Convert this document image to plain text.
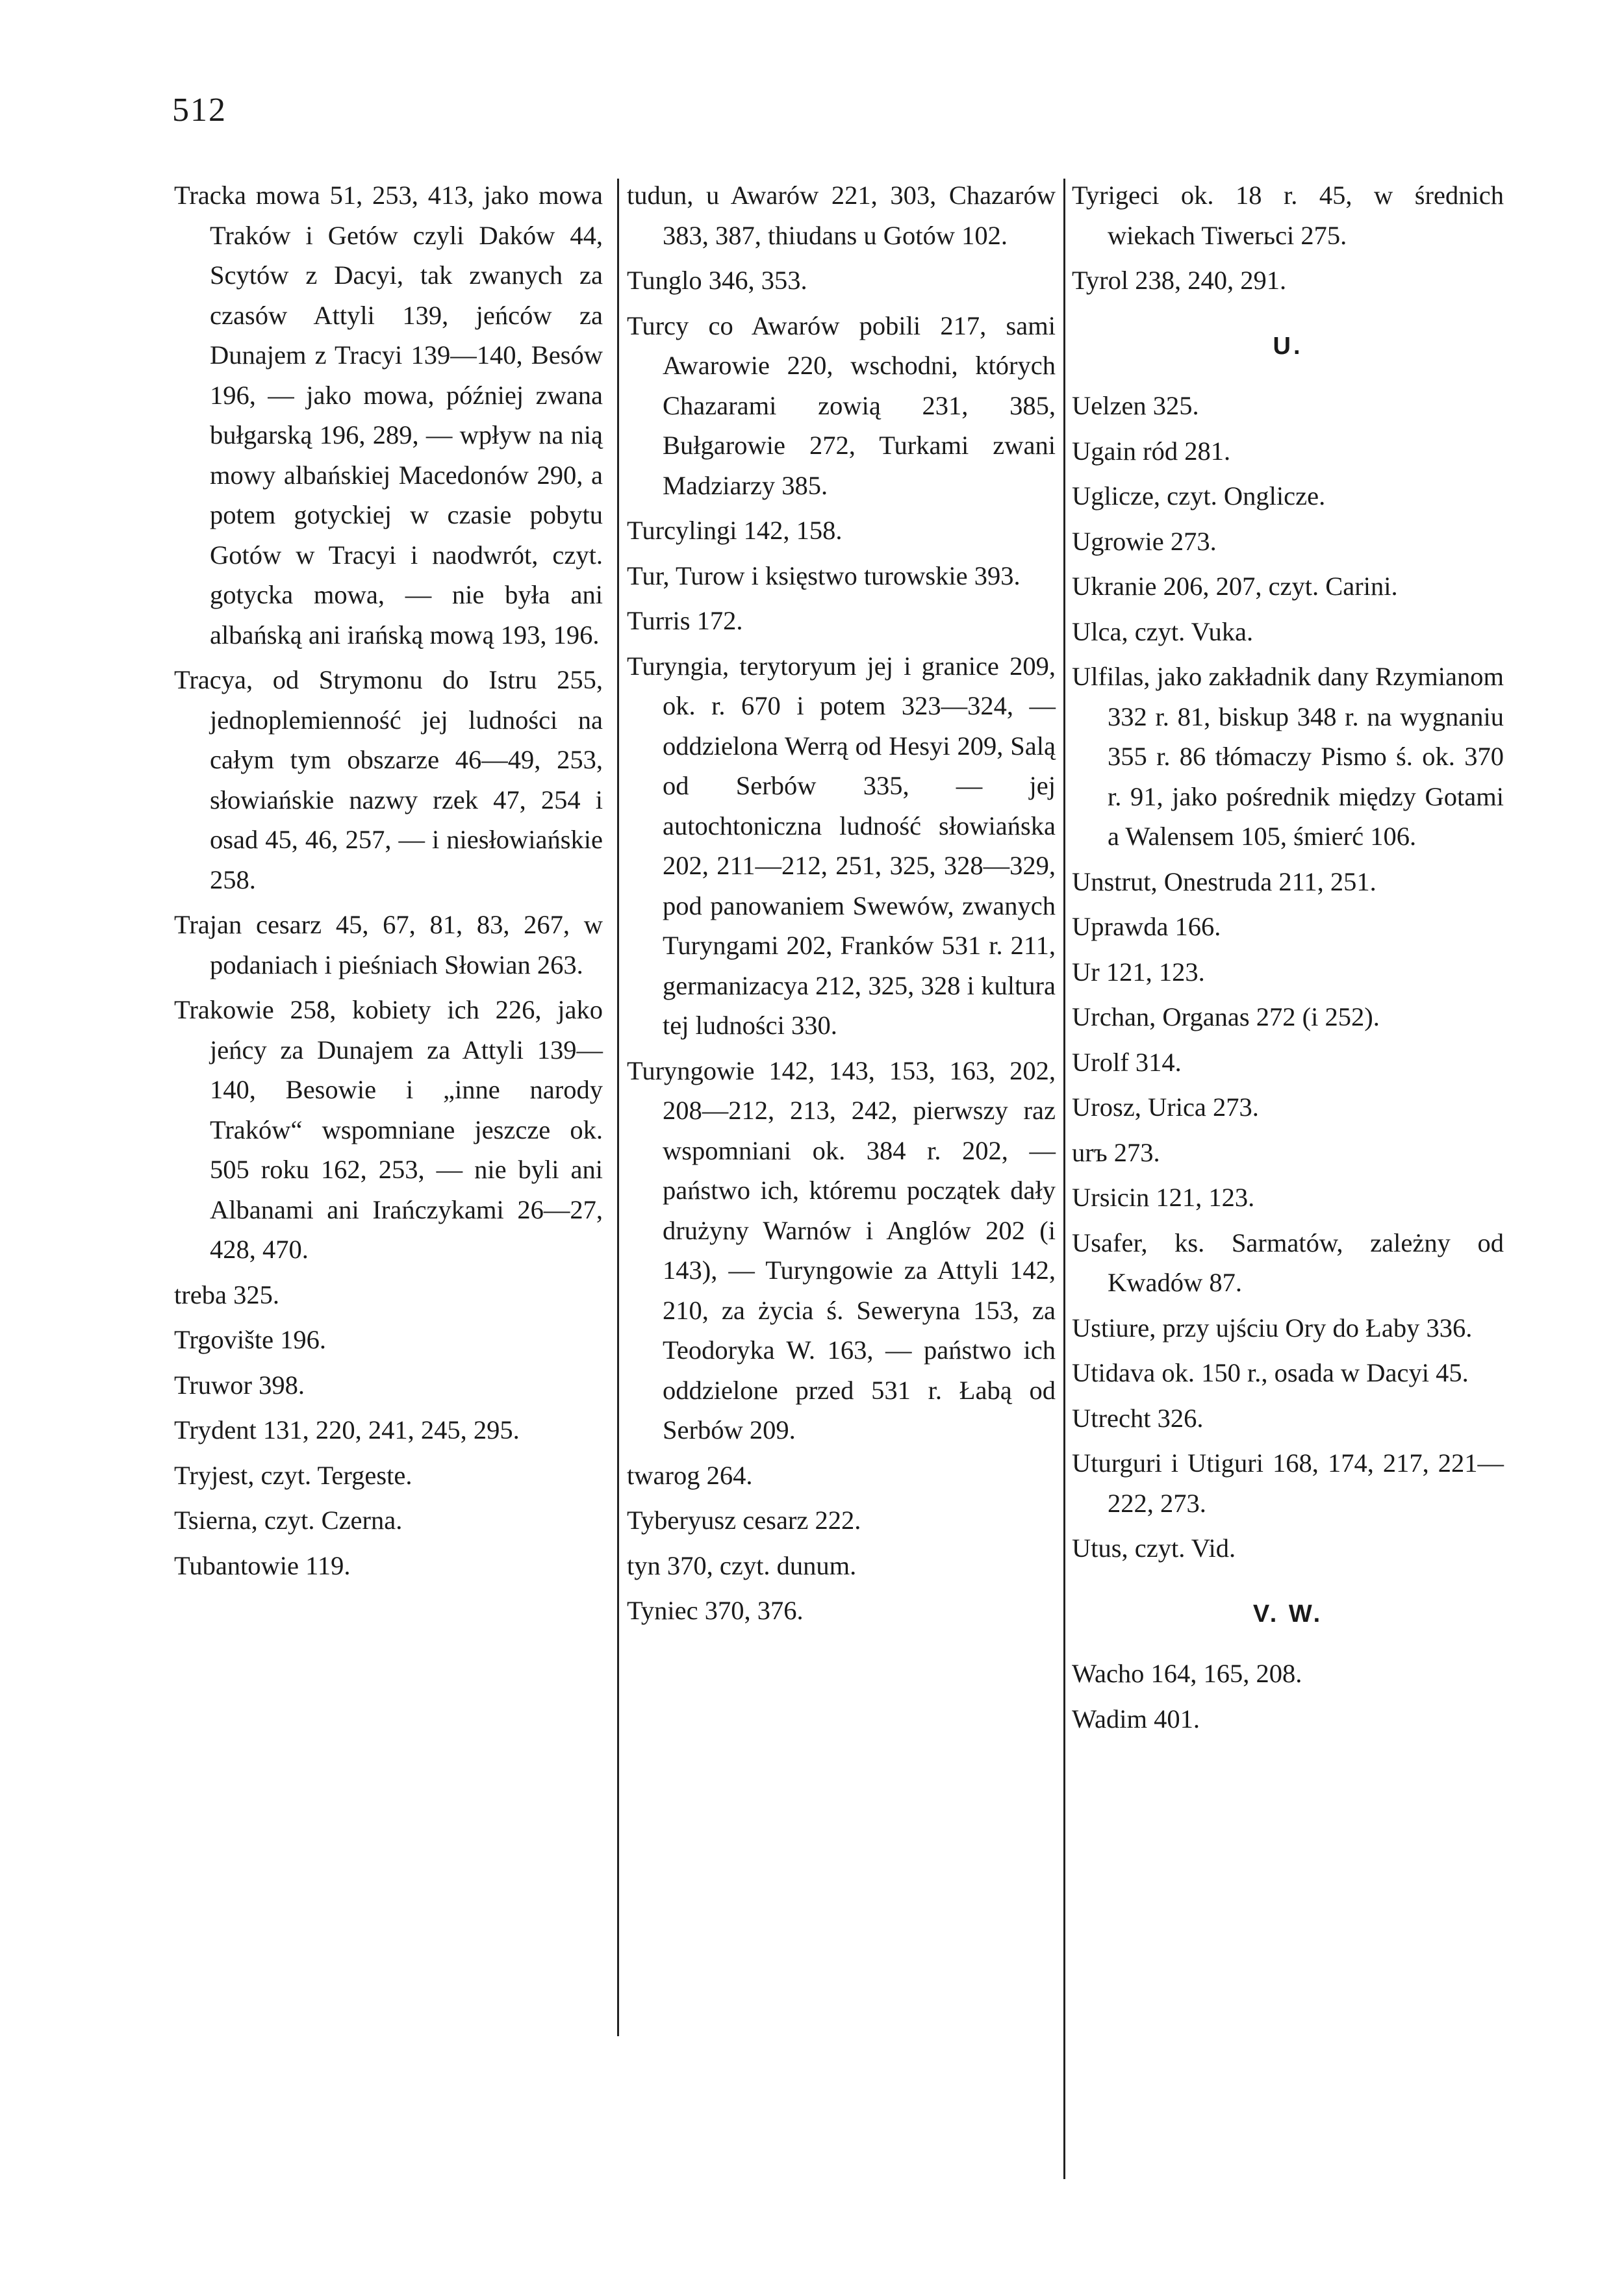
512
Tracka mowa 51, 253, 413, jako mowa Traków i Getów czyli Daków 44, Scytów z Dacyi, tak zwanych za czasów Attyli 139, jeńców za Dunajem z Tracyi 139—140, Besów 196, — jako mowa, później zwana bułgarską 196, 289, — wpływ na nią mowy albańskiej Macedonów 290, a potem gotyckiej w czasie pobytu Gotów w Tracyi i naodwrót, czyt. gotycka mowa, — nie była ani albańską ani irańską mową 193, 196.
Tracya, od Strymonu do Istru 255, jednoplemienność jej ludności na całym tym obszarze 46—49, 253, słowiańskie nazwy rzek 47, 254 i osad 45, 46, 257, — i niesłowiańskie 258.
Trajan cesarz 45, 67, 81, 83, 267, w podaniach i pieśniach Słowian 263.
Trakowie 258, kobiety ich 226, jako jeńcy za Dunajem za Attyli 139—140, Besowie i „inne narody Traków“ wspomniane jeszcze ok. 505 roku 162, 253, — nie byli ani Albanami ani Irańczykami 26—27, 428, 470.
treba 325.
Trgovište 196.
Truwor 398.
Trydent 131, 220, 241, 245, 295.
Tryjest, czyt. Tergeste.
Tsierna, czyt. Czerna.
Tubantowie 119.
tudun, u Awarów 221, 303, Chazarów 383, 387, thiudans u Gotów 102.
Tunglo 346, 353.
Turcy co Awarów pobili 217, sami Awarowie 220, wschodni, których Chazarami zowią 231, 385, Bułgarowie 272, Turkami zwani Madziarzy 385.
Turcylingi 142, 158.
Tur, Turow i księstwo turowskie 393.
Turris 172.
Turyngia, terytoryum jej i granice 209, ok. r. 670 i potem 323—324, — oddzielona Werrą od Hesyi 209, Salą od Serbów 335, — jej autochtoniczna ludność słowiańska 202, 211—212, 251, 325, 328—329, pod panowaniem Swewów, zwanych Turyngami 202, Franków 531 r. 211, germanizacya 212, 325, 328 i kultura tej ludności 330.
Turyngowie 142, 143, 153, 163, 202, 208—212, 213, 242, pierwszy raz wspomniani ok. 384 r. 202, — państwo ich, któremu początek dały drużyny Warnów i Anglów 202 (i 143), — Turyngowie za Attyli 142, 210, za życia ś. Seweryna 153, za Teodoryka W. 163, — państwo ich oddzielone przed 531 r. Łabą od Serbów 209.
twarog 264.
Tyberyusz cesarz 222.
tyn 370, czyt. dunum.
Tyniec 370, 376.
Tyrigeci ok. 18 r. 45, w średnich wiekach Tiwerьci 275.
Tyrol 238, 240, 291.
U.
Uelzen 325.
Ugain ród 281.
Uglicze, czyt. Onglicze.
Ugrowie 273.
Ukranie 206, 207, czyt. Carini.
Ulca, czyt. Vuka.
Ulfilas, jako zakładnik dany Rzymianom 332 r. 81, biskup 348 r. na wygnaniu 355 r. 86 tłómaczy Pismo ś. ok. 370 r. 91, jako pośrednik między Gotami a Walensem 105, śmierć 106.
Unstrut, Onestruda 211, 251.
Uprawda 166.
Ur 121, 123.
Urchan, Organas 272 (i 252).
Urolf 314.
Urosz, Urica 273.
urъ 273.
Ursicin 121, 123.
Usafer, ks. Sarmatów, zależny od Kwadów 87.
Ustiure, przy ujściu Ory do Łaby 336.
Utidava ok. 150 r., osada w Dacyi 45.
Utrecht 326.
Uturguri i Utiguri 168, 174, 217, 221—222, 273.
Utus, czyt. Vid.
V. W.
Wacho 164, 165, 208.
Wadim 401.
